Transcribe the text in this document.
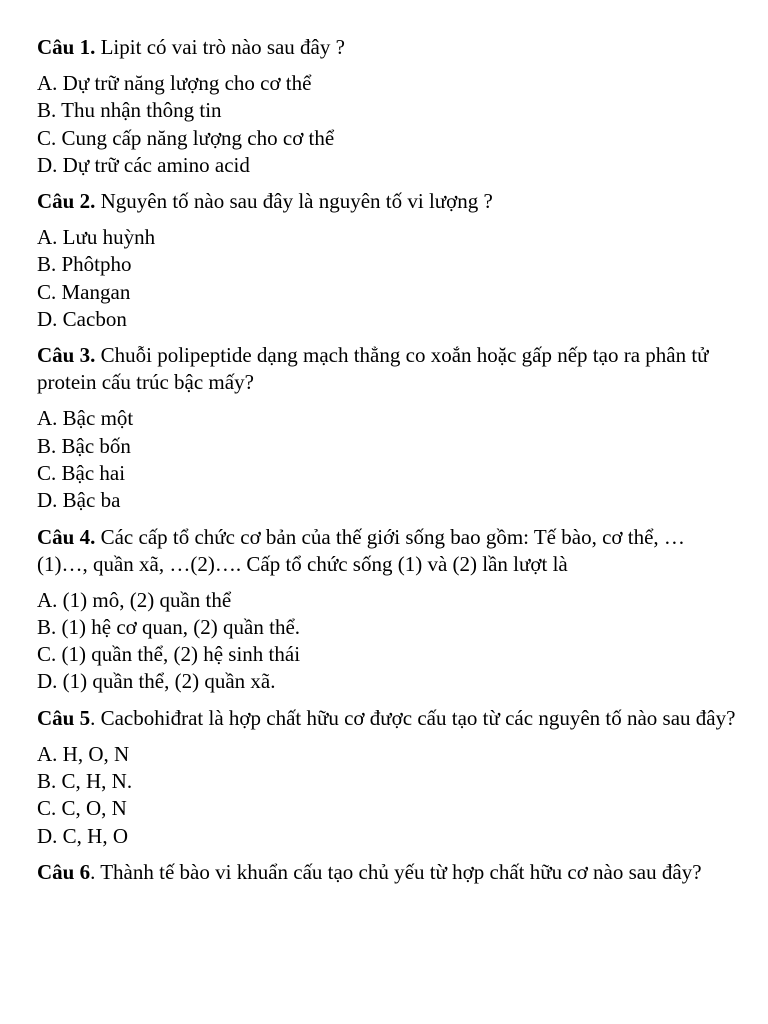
Câu 1. Lipit có vai trò nào sau đây ?

A. Dự trữ năng lượng cho cơ thể

B. Thu nhận thông tin

C. Cung cấp năng lượng cho cơ thể

D. Dự trữ các amino acid

Câu 2. Nguyên tố nào sau đây là nguyên tố vi lượng ?

A. Lưu huỳnh

B. Phôtpho

C. Mangan

D. Cacbon

Câu 3. Chuỗi polipeptide dạng mạch thẳng co xoắn hoặc gấp nếp tạo ra phân tử protein cấu trúc bậc mấy?

A. Bậc một

B. Bậc bốn

C. Bậc hai

D. Bậc ba

Câu 4. Các cấp tổ chức cơ bản của thế giới sống bao gồm: Tế bào, cơ thể, … (1)…, quần xã, …(2)…. Cấp tổ chức sống (1) và (2) lần lượt là

A. (1) mô, (2) quần thể

B. (1) hệ cơ quan, (2) quần thể.

C. (1) quần thể, (2) hệ sinh thái

D. (1) quần thể, (2) quần xã.

Câu 5. Cacbohiđrat là hợp chất hữu cơ được cấu tạo từ các nguyên tố nào sau đây?

A. H, O, N

B. C, H, N.

C. C, O, N

D. C, H, O

Câu 6. Thành tế bào vi khuẩn cấu tạo chủ yếu từ hợp chất hữu cơ nào sau đây?
